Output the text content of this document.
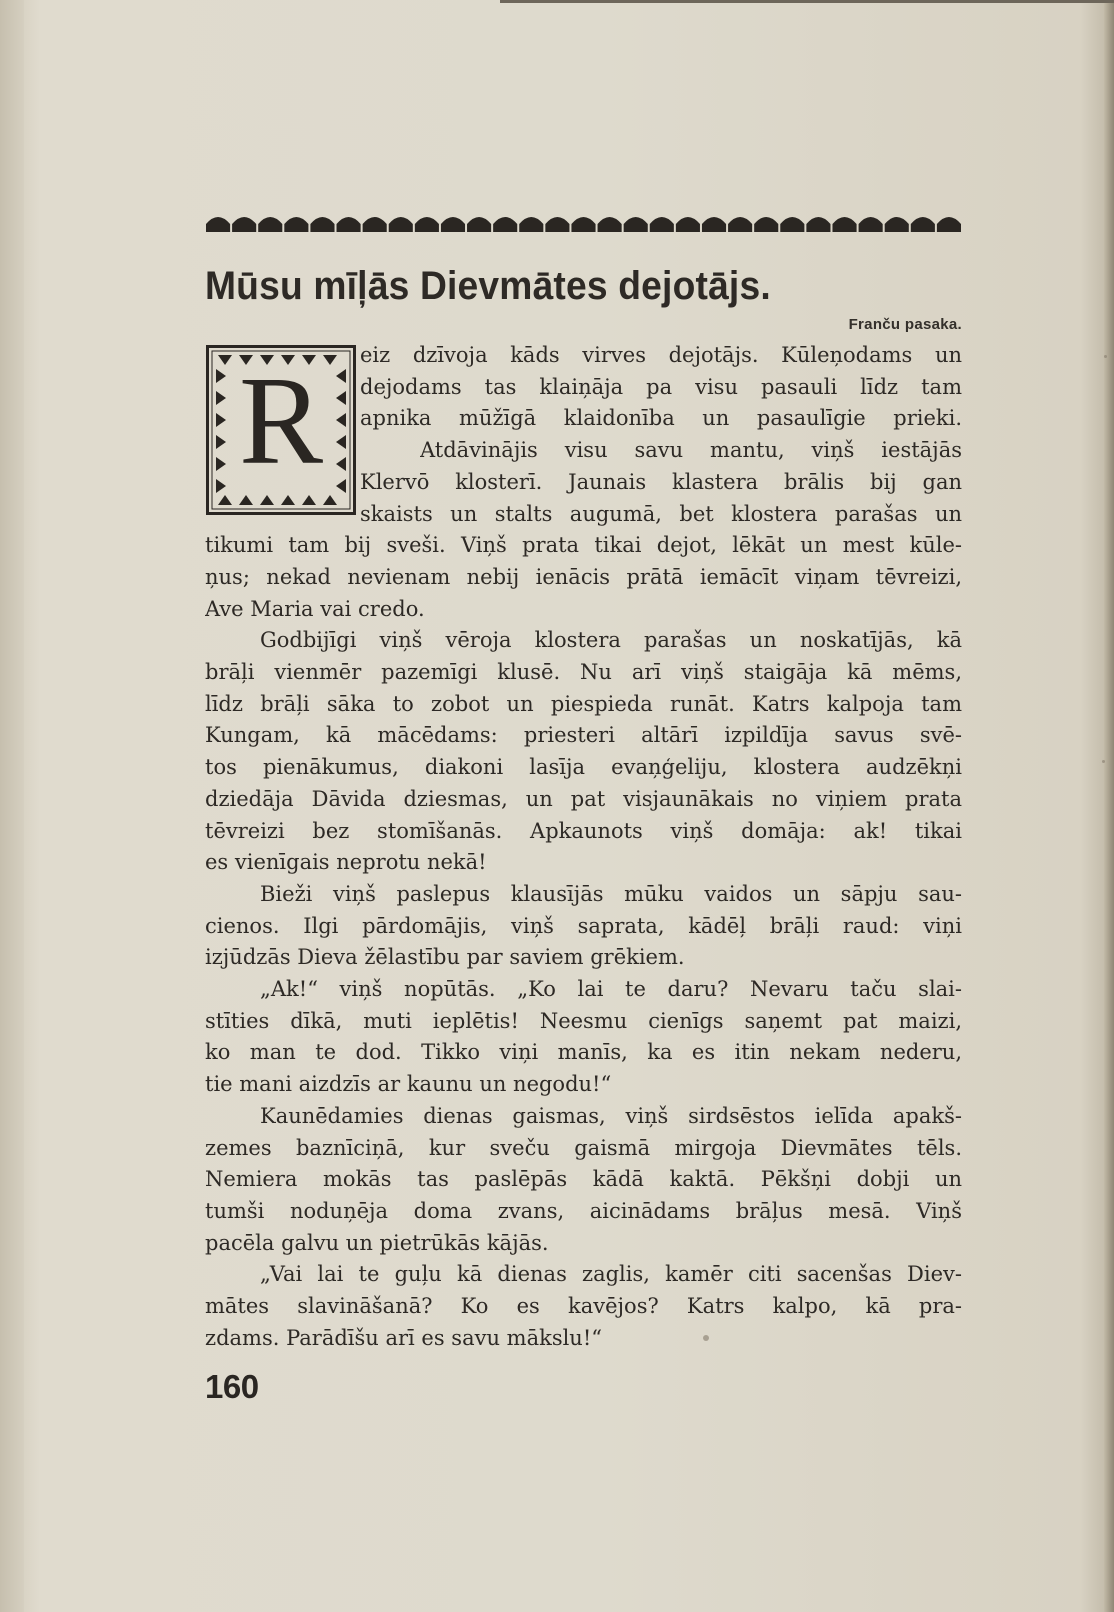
Mūsu mīļās Dievmātes dejotājs.
Franču pasaka.
R	eiz dzīvoja kāds virves dejotājs. Kūleņodams un
dejodams tas klaiņāja pa visu pasauli līdz tam
apnika mūžīgā klaidonība un pasaulīgie prieki.
Atdāvinājis visu savu mantu, viņš iestājās
Klervō klosterī. Jaunais klastera brālis bij gan
skaists un stalts augumā, bet klostera parašas un
tikumi tam bij sveši. Viņš prata tikai dejot, lēkāt un mest kūle-
ņus; nekad nevienam nebij ienācis prātā iemācīt viņam tēvreizi,
Ave Maria vai credo.
Godbijīgi viņš vēroja klostera parašas un noskatījās, kā
brāļi vienmēr pazemīgi klusē. Nu arī viņš staigāja kā mēms,
līdz brāļi sāka to zobot un piespieda runāt. Katrs kalpoja tam
Kungam, kā mācēdams: priesteri altārī izpildīja savus svē-
tos pienākumus, diakoni lasīja evaņģeliju, klostera audzēkņi
dziedāja Dāvida dziesmas, un pat visjaunākais no viņiem prata
tēvreizi bez stomīšanās. Apkaunots viņš domāja: ak! tikai
es vienīgais neprotu nekā!
Bieži viņš paslepus klausījās mūku vaidos un sāpju sau-
cienos. Ilgi pārdomājis, viņš saprata, kādēļ brāļi raud: viņi
izjūdzās Dieva žēlastību par saviem grēkiem.
„Ak!“ viņš nopūtās. „Ko lai te daru? Nevaru taču slai-
stīties dīkā, muti ieplētis! Neesmu cienīgs saņemt pat maizi,
ko man te dod. Tikko viņi manīs, ka es itin nekam nederu,
tie mani aizdzīs ar kaunu un negodu!“
Kaunēdamies dienas gaismas, viņš sirdsēstos ielīda apakš-
zemes baznīciņā, kur sveču gaismā mirgoja Dievmātes tēls.
Nemiera mokās tas paslēpās kādā kaktā. Pēkšņi dobji un
tumši noduņēja doma zvans, aicinādams brāļus mesā. Viņš
pacēla galvu un pietrūkās kājās.
„Vai lai te guļu kā dienas zaglis, kamēr citi sacenšas Diev-
mātes slavināšanā? Ko es kavējos? Katrs kalpo, kā pra-
zdams. Parādīšu arī es savu mākslu!“
160
